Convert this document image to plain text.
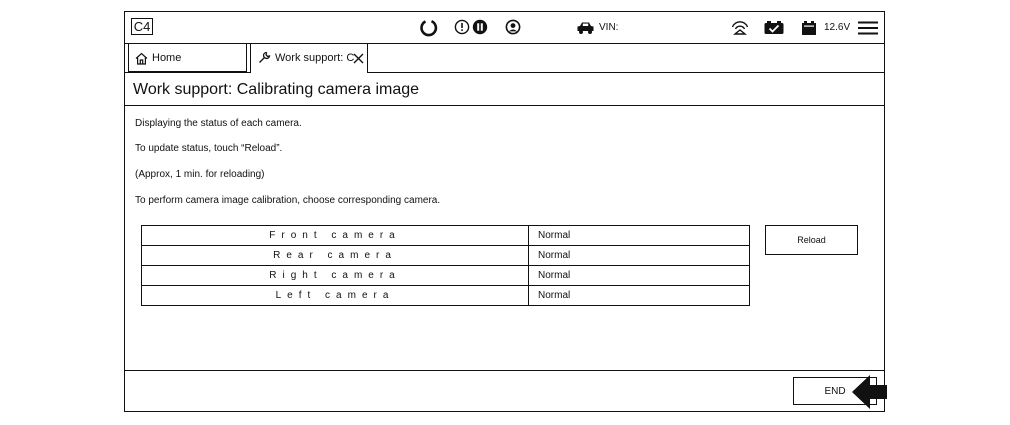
C4	VIN:	12.6V
Home	Work support: C
Work support: Calibrating camera image
Displaying the status of each camera.
To update status, touch “Reload”.
(Approx, 1 min. for reloading)
To perform camera image calibration, choose corresponding camera.
Front camera	Normal
Rear camera	Normal
Right camera	Normal
Left camera	Normal
Reload
END
